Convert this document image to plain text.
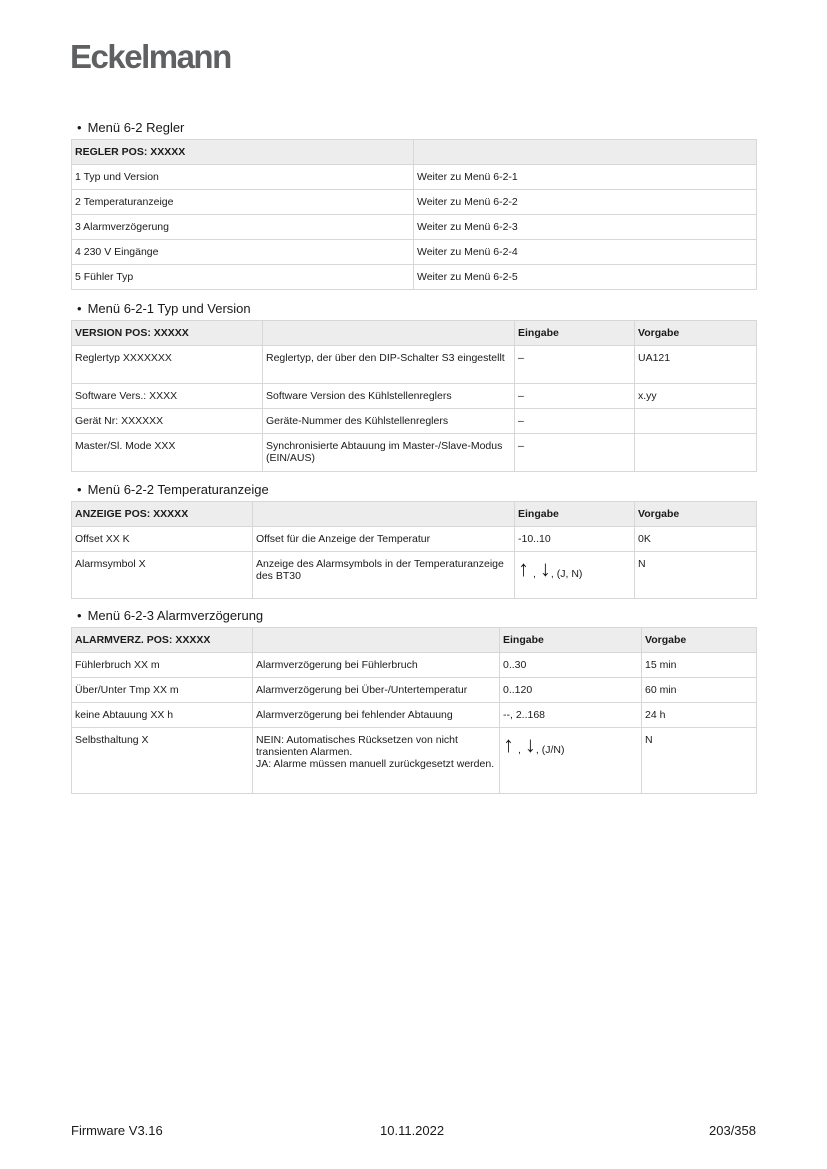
Eckelmann
• Menü 6-2 Regler
REGLER POS: XXXXX	
1 Typ und Version	Weiter zu Menü 6-2-1
2 Temperaturanzeige	Weiter zu Menü 6-2-2
3 Alarmverzögerung	Weiter zu Menü 6-2-3
4 230 V Eingänge	Weiter zu Menü 6-2-4
5 Fühler Typ	Weiter zu Menü 6-2-5
• Menü 6-2-1 Typ und Version
VERSION POS: XXXXX		Eingabe	Vorgabe
Reglertyp XXXXXXX	Reglertyp, der über den DIP-Schalter S3 eingestellt	–	UA121
Software Vers.: XXXX	Software Version des Kühlstellenreglers	–	x.yy
Gerät Nr: XXXXXX	Geräte-Nummer des Kühlstellenreglers	–	
Master/Sl. Mode XXX	Synchronisierte Abtauung im Master-/Slave-Modus (EIN/AUS)	–	
• Menü 6-2-2 Temperaturanzeige
ANZEIGE POS: XXXXX		Eingabe	Vorgabe
Offset XX K	Offset für die Anzeige der Temperatur	-10..10	0K
Alarmsymbol X	Anzeige des Alarmsymbols in der Temperaturanzeige des BT30	↑ , ↓, (J, N)	N
• Menü 6-2-3 Alarmverzögerung
ALARMVERZ. POS: XXXXX		Eingabe	Vorgabe
Fühlerbruch XX m	Alarmverzögerung bei Fühlerbruch	0..30	15 min
Über/Unter Tmp XX m	Alarmverzögerung bei Über-/Untertemperatur	0..120	60 min
keine Abtauung XX h	Alarmverzögerung bei fehlender Abtauung	--, 2..168	24 h
Selbsthaltung X	NEIN: Automatisches Rücksetzen von nicht transienten Alarmen.
JA: Alarme müssen manuell zurückgesetzt werden.	↑ , ↓, (J/N)	N
Firmware V3.16	10.11.2022	203/358
